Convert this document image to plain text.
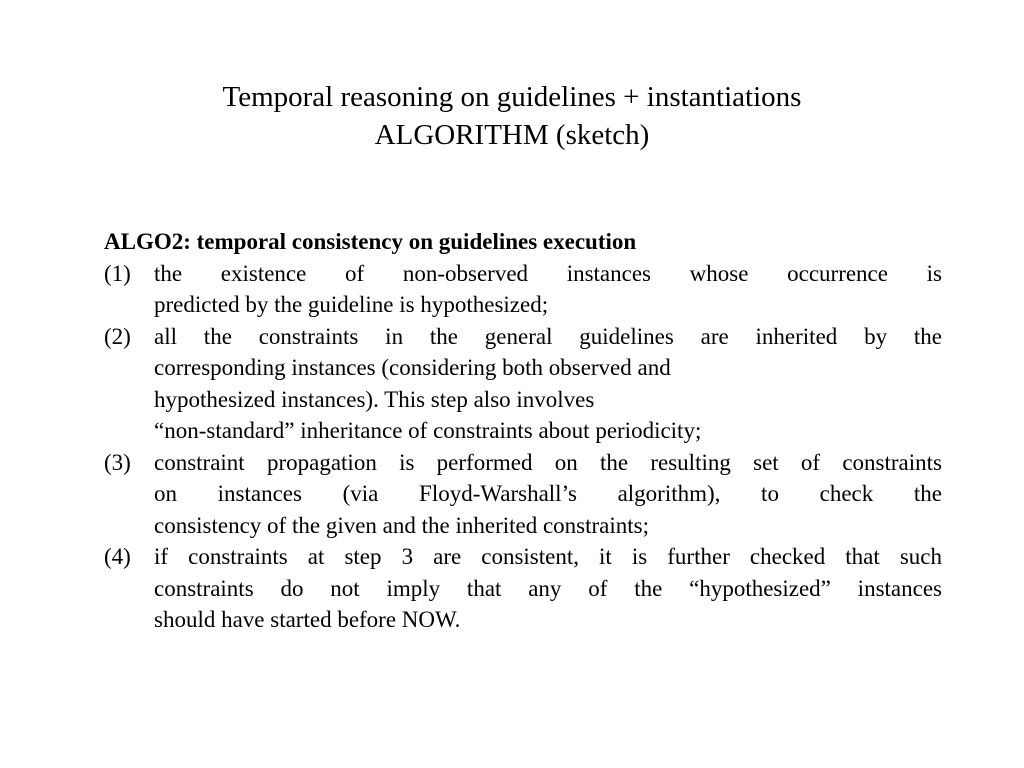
Temporal reasoning on guidelines + instantiations
ALGORITHM (sketch)
ALGO2: temporal consistency on guidelines execution
(1)	the existence of non-observed instances whose occurrence is
predicted by the guideline is hypothesized;
(2)	all the constraints in the general guidelines are inherited by the
corresponding instances (considering both observed and
hypothesized instances). This step also involves
“non-standard” inheritance of constraints about periodicity;
(3)	constraint propagation is performed on the resulting set of constraints
on instances (via Floyd-Warshall’s algorithm), to check the
consistency of the given and the inherited constraints;
(4)	if constraints at step 3 are consistent, it is further checked that such
constraints do not imply that any of the “hypothesized” instances
should have started before NOW.
